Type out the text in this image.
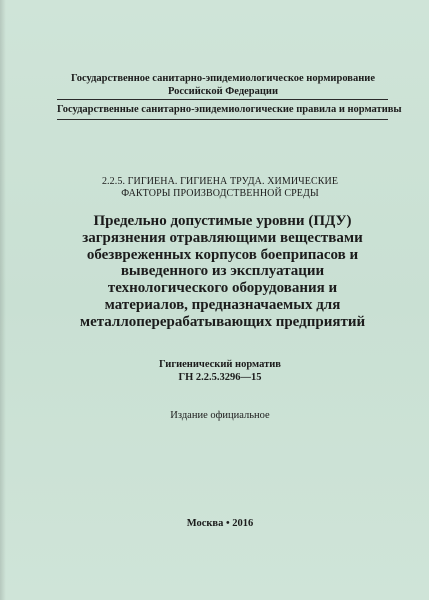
Государственное санитарно-эпидемиологическое нормирование
Российской Федерации
Государственные санитарно-эпидемиологические правила и нормативы
2.2.5. ГИГИЕНА. ГИГИЕНА ТРУДА. ХИМИЧЕСКИЕ
ФАКТОРЫ ПРОИЗВОДСТВЕННОЙ СРЕДЫ
Предельно допустимые уровни (ПДУ)
загрязнения отравляющими веществами
обезвреженных корпусов боеприпасов и
выведенного из эксплуатации
технологического оборудования и
материалов, предназначаемых для
металлоперерабатывающих предприятий
Гигиенический норматив
ГН 2.2.5.3296—15
Издание официальное
Москва • 2016
